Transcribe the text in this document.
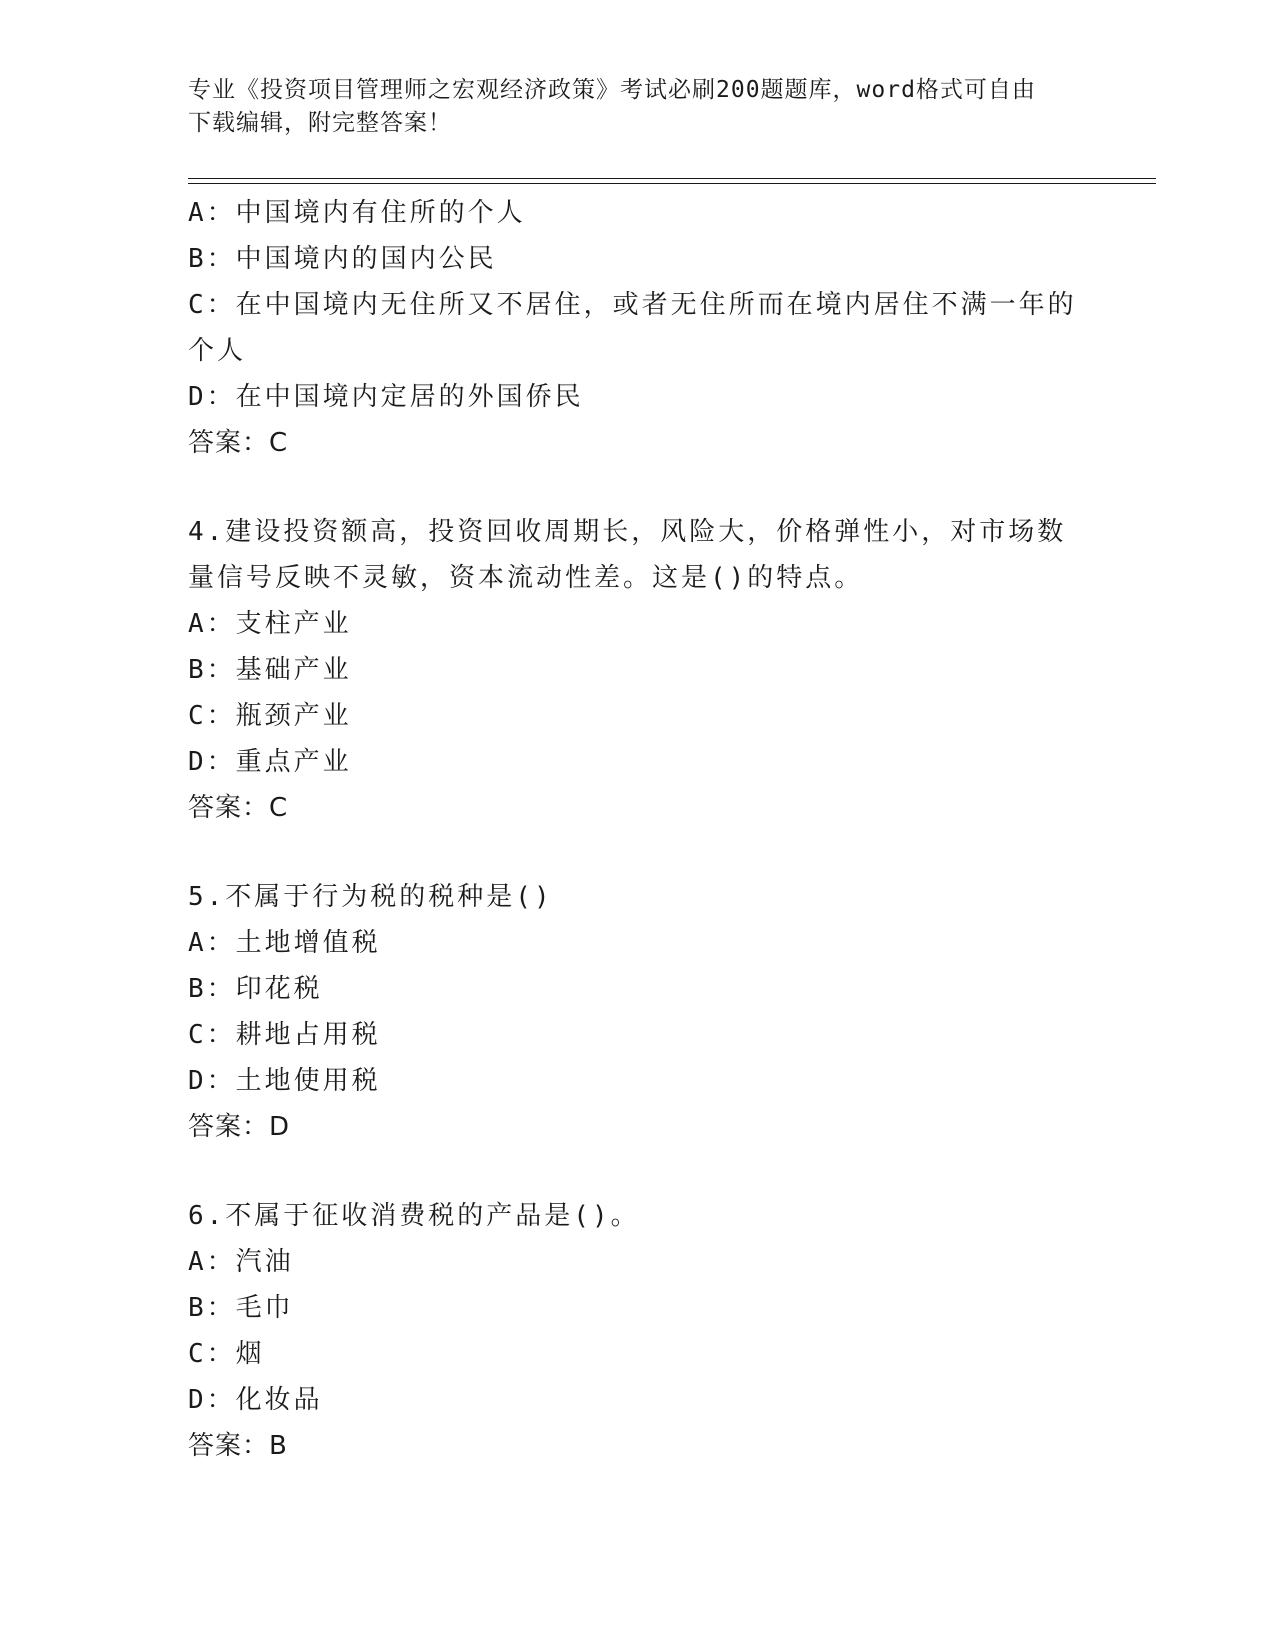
专业《投资项目管理师之宏观经济政策》考试必刷200题题库，word格式可自由
下载编辑，附完整答案！
A：中国境内有住所的个人
B：中国境内的国内公民
C：在中国境内无住所又不居住，或者无住所而在境内居住不满一年的
个人
D：在中国境内定居的外国侨民
答案：C
4.建设投资额高，投资回收周期长，风险大，价格弹性小，对市场数
量信号反映不灵敏，资本流动性差。这是()的特点。
A：支柱产业
B：基础产业
C：瓶颈产业
D：重点产业
答案：C
5.不属于行为税的税种是()
A：土地增值税
B：印花税
C：耕地占用税
D：土地使用税
答案：D
6.不属于征收消费税的产品是()。
A：汽油
B：毛巾
C：烟
D：化妆品
答案：B
